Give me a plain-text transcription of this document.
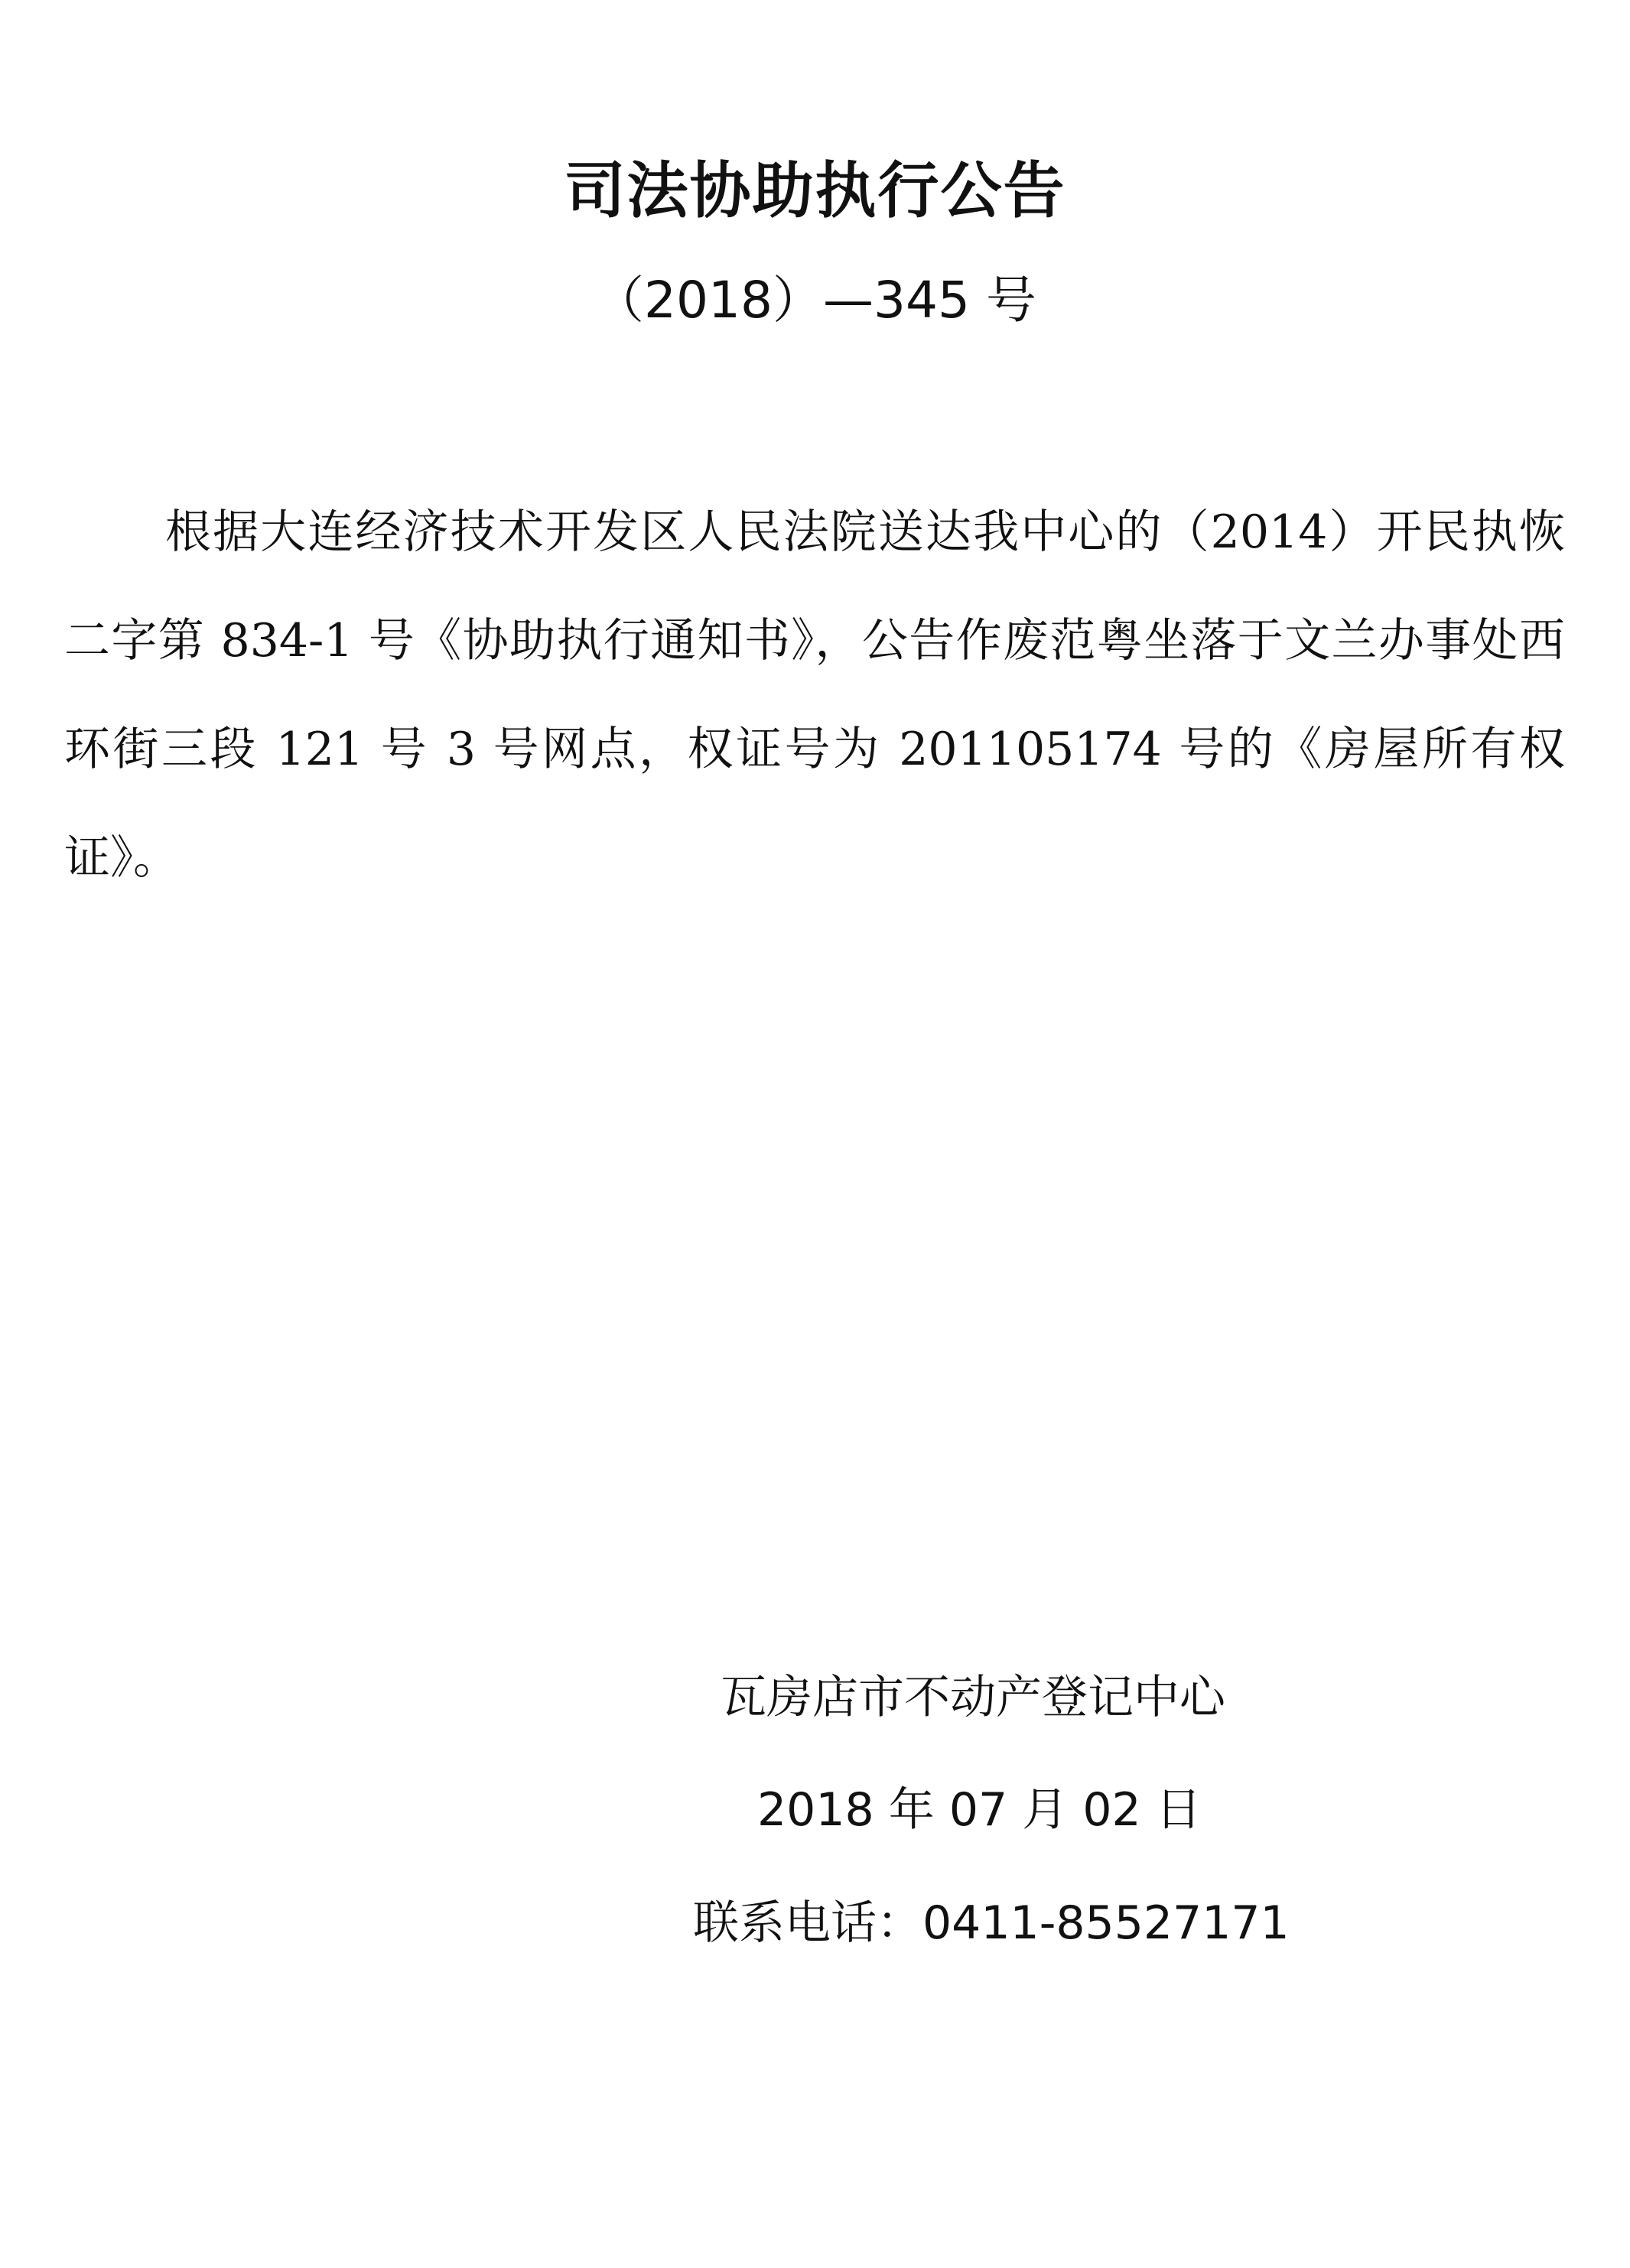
司法协助执行公告
（2018）—345 号
根据大连经济技术开发区人民法院送达我中心的（2014）开民执恢二字第 834-1 号《协助执行通知书》，公告作废范粤坐落于文兰办事处西环街三段 121 号 3 号网点，权证号为 201105174 号的《房屋所有权证》。
瓦房店市不动产登记中心
2018 年 07 月 02 日
联系电话：0411-85527171
